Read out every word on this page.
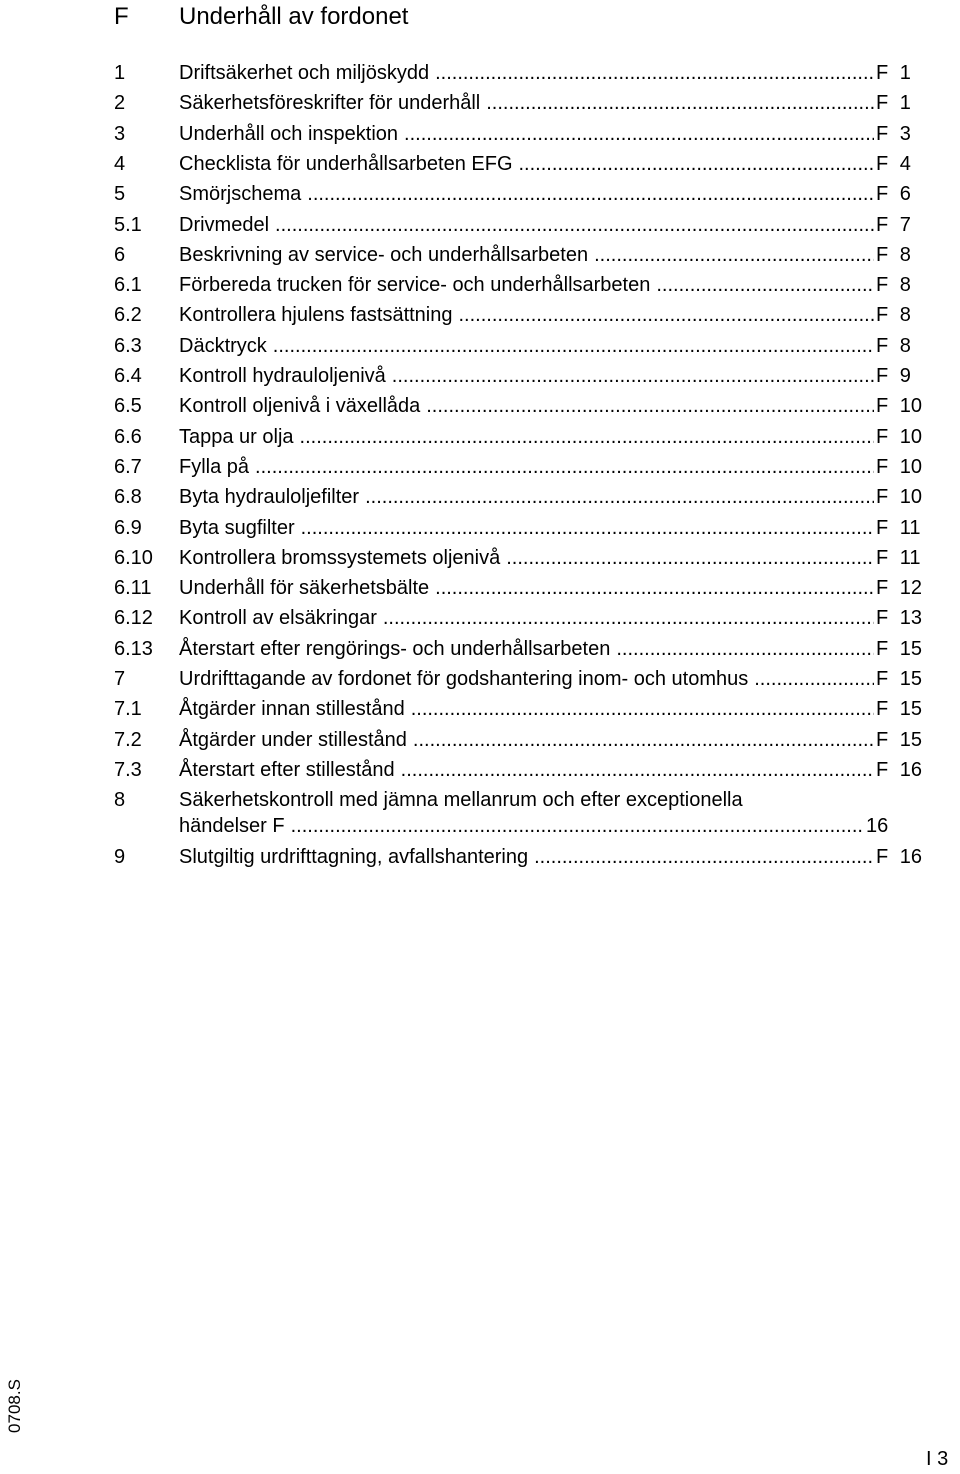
F Underhåll av fordonet
1	Driftsäkerhet och miljöskydd .....	F 1
2	Säkerhetsföreskrifter för underhåll .....	F 1
3	Underhåll och inspektion .....	F 3
4	Checklista för underhållsarbeten EFG .....	F 4
5	Smörjschema .....	F 6
5.1 Drivmedel .....	F 7
6	Beskrivning av service- och underhållsarbeten .....	F 8
6.1 Förbereda trucken för service- och underhållsarbeten .....	F 8
6.2 Kontrollera hjulens fastsättning .....	F 8
6.3 Däcktryck .....	F 8
6.4 Kontroll hydrauloljenivå .....	F 9
6.5 Kontroll oljenivå i växellåda .....	F 10
6.6 Tappa ur olja .....	F 10
6.7 Fylla på .....	F 10
6.8 Byta hydrauloljefilter .....	F 10
6.9 Byta sugfilter .....	F 11
6.10 Kontrollera bromssystemets oljenivå .....	F 11
6.11 Underhåll för säkerhetsbälte .....	F 12
6.12 Kontroll av elsäkringar .....	F 13
6.13 Återstart efter rengörings- och underhållsarbeten .....	F 15
7	Urdrifttagande av fordonet för godshantering inom- och utomhus .....	F 15
7.1 Åtgärder innan stillestånd .....	F 15
7.2 Åtgärder under stillestånd .....	F 15
7.3 Återstart efter stillestånd .....	F 16
8	Säkerhetskontroll med jämna mellanrum och efter exceptionella
händelser F .....	16
9	Slutgiltig urdrifttagning, avfallshantering .....	F 16
0708.S
I 3
